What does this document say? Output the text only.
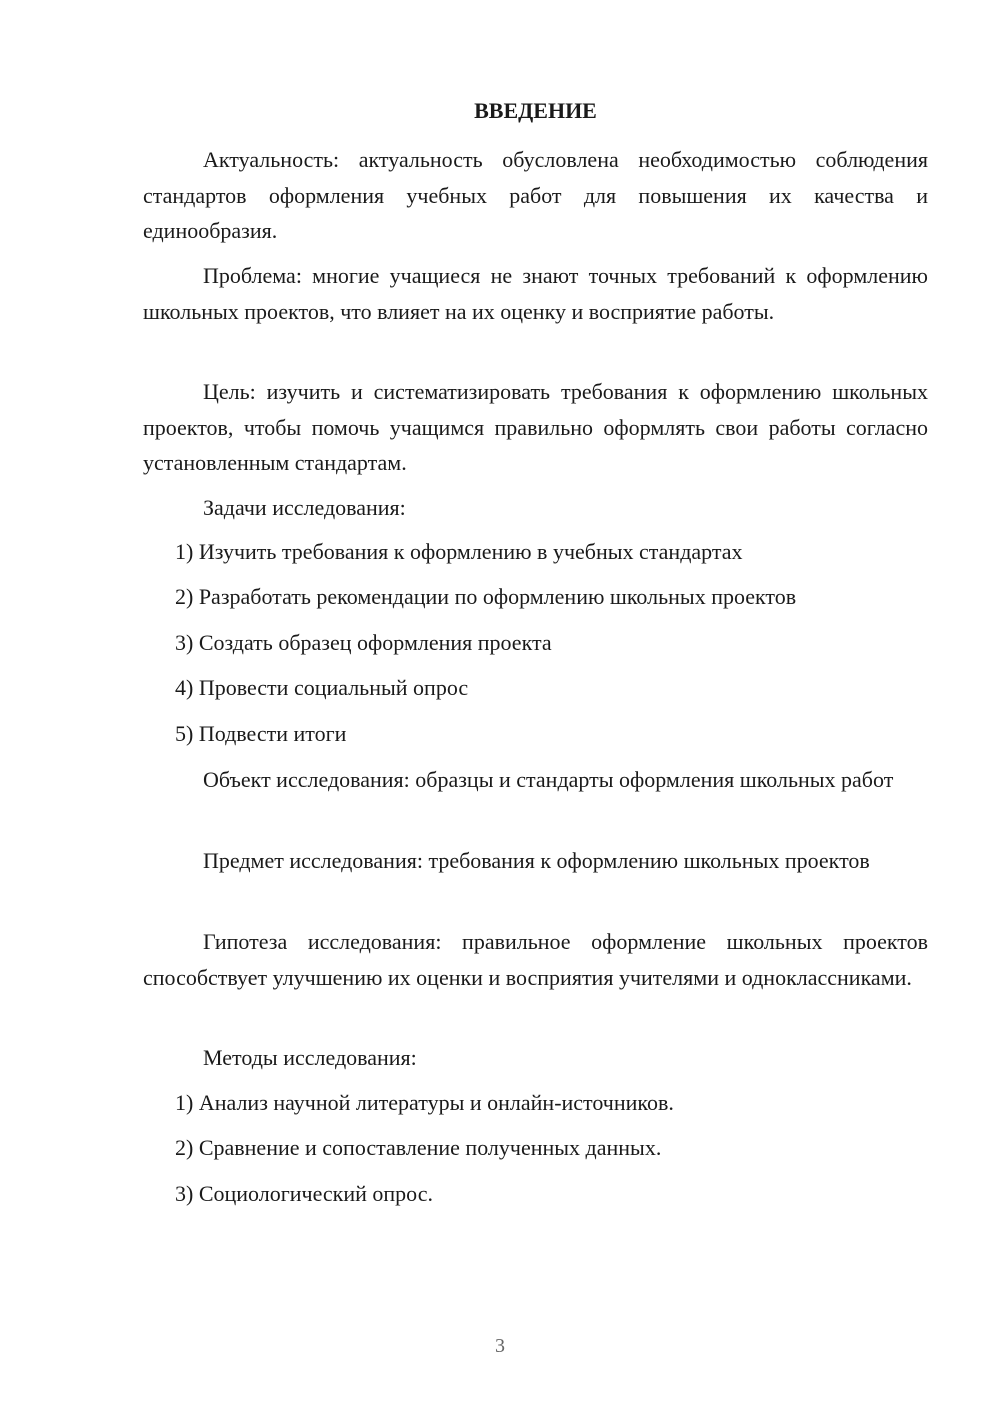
ВВЕДЕНИЕ

Актуальность: актуальность обусловлена необходимостью соблюдения стандартов оформления учебных работ для повышения их качества и единообразия.

Проблема: многие учащиеся не знают точных требований к оформлению школьных проектов, что влияет на их оценку и восприятие работы.

Цель: изучить и систематизировать требования к оформлению школьных проектов, чтобы помочь учащимся правильно оформлять свои работы согласно установленным стандартам.

Задачи исследования:

1) Изучить требования к оформлению в учебных стандартах

2) Разработать рекомендации по оформлению школьных проектов

3) Создать образец оформления проекта

4) Провести социальный опрос

5) Подвести итоги

Объект исследования: образцы и стандарты оформления школьных работ

Предмет исследования: требования к оформлению школьных проектов

Гипотеза исследования: правильное оформление школьных проектов способствует улучшению их оценки и восприятия учителями и одноклассниками.

Методы исследования:

1) Анализ научной литературы и онлайн-источников.

2) Сравнение и сопоставление полученных данных.

3) Социологический опрос.

3
